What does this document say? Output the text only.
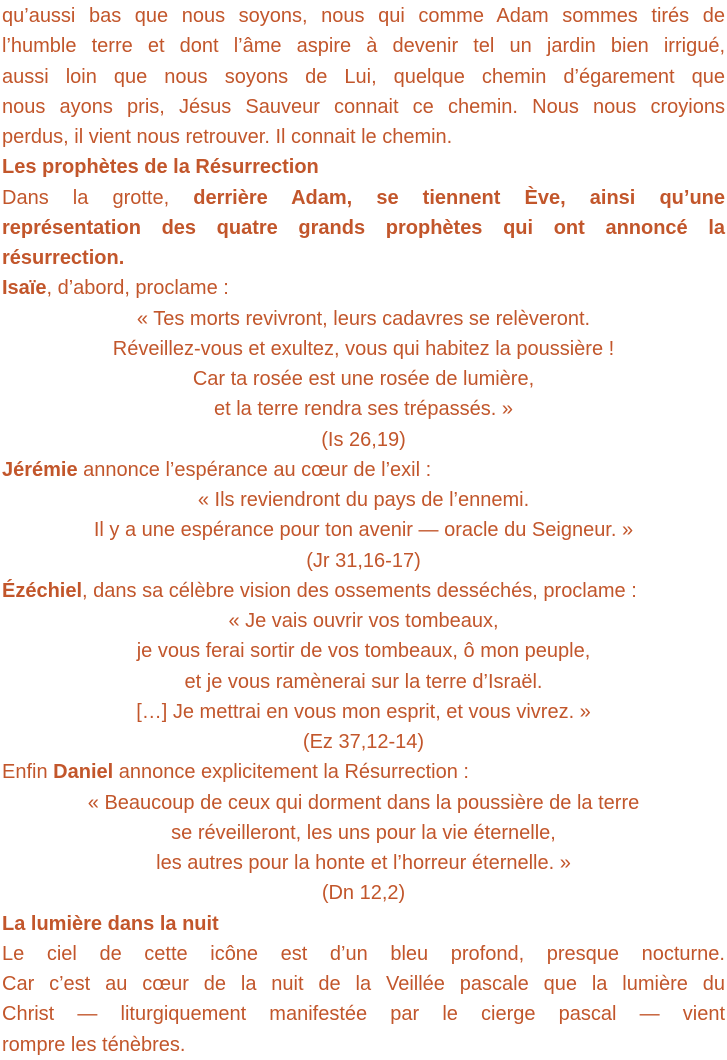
qu’aussi bas que nous soyons, nous qui comme Adam sommes tirés de
l’humble terre et dont l’âme aspire à devenir tel un jardin bien irrigué,
aussi loin que nous soyons de Lui, quelque chemin d’égarement que
nous ayons pris, Jésus Sauveur connait ce chemin. Nous nous croyions
perdus, il vient nous retrouver. Il connait le chemin.
Les prophètes de la Résurrection
Dans la grotte, derrière Adam, se tiennent Ève, ainsi qu’une
représentation des quatre grands prophètes qui ont annoncé la
résurrection.
Isaïe, d’abord, proclame :
« Tes morts revivront, leurs cadavres se relèveront.
Réveillez-vous et exultez, vous qui habitez la poussière !
Car ta rosée est une rosée de lumière,
et la terre rendra ses trépassés. »
(Is 26,19)
Jérémie annonce l’espérance au cœur de l’exil :
« Ils reviendront du pays de l’ennemi.
Il y a une espérance pour ton avenir — oracle du Seigneur. »
(Jr 31,16-17)
Ézéchiel, dans sa célèbre vision des ossements desséchés, proclame :
« Je vais ouvrir vos tombeaux,
je vous ferai sortir de vos tombeaux, ô mon peuple,
et je vous ramènerai sur la terre d’Israël.
[…] Je mettrai en vous mon esprit, et vous vivrez. »
(Ez 37,12-14)
Enfin Daniel annonce explicitement la Résurrection :
« Beaucoup de ceux qui dorment dans la poussière de la terre
se réveilleront, les uns pour la vie éternelle,
les autres pour la honte et l’horreur éternelle. »
(Dn 12,2)
La lumière dans la nuit
Le ciel de cette icône est d’un bleu profond, presque nocturne.
Car c’est au cœur de la nuit de la Veillée pascale que la lumière du
Christ — liturgiquement manifestée par le cierge pascal — vient
rompre les ténèbres.
